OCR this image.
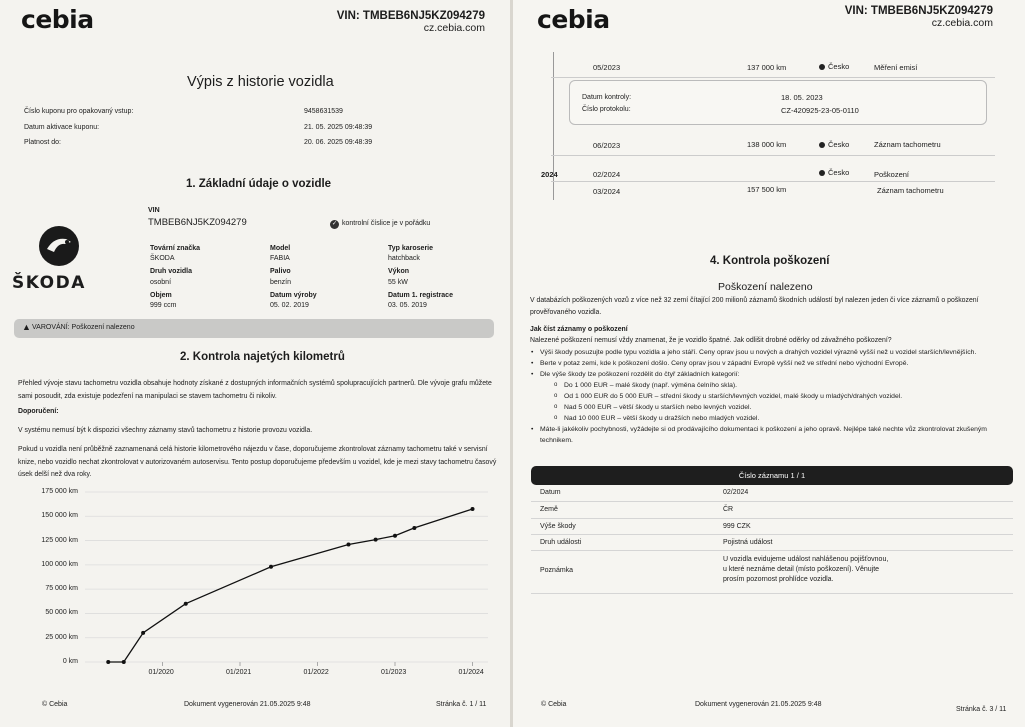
cebia	VIN: TMBEB6NJ5KZ094279
cz.cebia.com
Výpis z historie vozidla
Číslo kuponu pro opakovaný vstup:	9458631539
Datum aktivace kuponu:	21. 05. 2025 09:48:39
Platnost do:	20. 06. 2025 09:48:39
1. Základní údaje o vozidle
VIN
TMBEB6NJ5KZ094279	✓ kontrolní číslice je v pořádku
ŠKODA
Tovární značka
ŠKODA
Model
FABIA
Typ karoserie
hatchback
Druh vozidla
osobní
Palivo
benzín
Výkon
55 kW
Objem
999 ccm
Datum výroby
05. 02. 2019
Datum 1. registrace
03. 05. 2019
▲ VAROVÁNÍ: Poškození nalezeno
2. Kontrola najetých kilometrů
Přehled vývoje stavu tachometru vozidla obsahuje hodnoty získané z dostupných informačních systémů spolupracujících partnerů. Dle vývoje grafu můžete sami posoudit, zda existuje podezření na manipulaci se stavem tachometru či nikoliv.
Doporučení:
V systému nemusí být k dispozici všechny záznamy stavů tachometru z historie provozu vozidla.
Pokud u vozidla není průběžně zaznamenaná celá historie kilometrového nájezdu v čase, doporučujeme zkontrolovat záznamy tachometru také v servisní knize, nebo vozidlo nechat zkontrolovat v autorizovaném autoservisu. Tento postup doporučujeme především u vozidel, kde je mezi stavy tachometru časový úsek delší než dva roky.
175 000 km
150 000 km
125 000 km
100 000 km
75 000 km
50 000 km
25 000 km
0 km
01/2020	01/2021	01/2022	01/2023	01/2024
© Cebia	Dokument vygenerován 21.05.2025 9:48	Stránka č. 1 / 11
cebia	VIN: TMBEB6NJ5KZ094279
cz.cebia.com
05/2023	137 000 km	Česko	Měření emisí
Datum kontroly:	18. 05. 2023
Číslo protokolu:	CZ-420925-23-05-0110
06/2023	138 000 km	Česko	Záznam tachometru
2024	02/2024	Česko	Poškození
03/2024	157 500 km	Záznam tachometru
4. Kontrola poškození
Poškození nalezeno
V databázích poškozených vozů z více než 32 zemí čítající 200 milionů záznamů škodních událostí byl nalezen jeden či více záznamů o poškození prověřovaného vozidla.
Jak číst záznamy o poškození
Nalezené poškození nemusí vždy znamenat, že je vozidlo špatné. Jak odlišit drobné oděrky od závažného poškození?
• Výši škody posuzujte podle typu vozidla a jeho stáří. Ceny oprav jsou u nových a drahých vozidel výrazně vyšší než u vozidel starších/levnějších.
• Berte v potaz zemi, kde k poškození došlo. Ceny oprav jsou v západní Evropě vyšší než ve střední nebo východní Evropě.
• Dle výše škody lze poškození rozdělit do čtyř základních kategorií:
o Do 1 000 EUR – malé škody (např. výměna čelního skla).
o Od 1 000 EUR do 5 000 EUR – střední škody u starších/levných vozidel, malé škody u mladých/drahých vozidel.
o Nad 5 000 EUR – větší škody u starších nebo levných vozidel.
o Nad 10 000 EUR – větší škody u dražších nebo mladých vozidel.
• Máte-li jakékoliv pochybnosti, vyžádejte si od prodávajícího dokumentaci k poškození a jeho opravě. Nejlépe také nechte vůz zkontrolovat zkušeným technikem.
Číslo záznamu 1 / 1
Datum	02/2024
Země	ČR
Výše škody	999 CZK
Druh události	Pojistná událost
Poznámka
U vozidla evidujeme událost nahlášenou pojišťovnou, u které neznáme detail (místo poškození). Věnujte prosím pozornost prohlídce vozidla.
© Cebia	Dokument vygenerován 21.05.2025 9:48
Stránka č. 3 / 11
